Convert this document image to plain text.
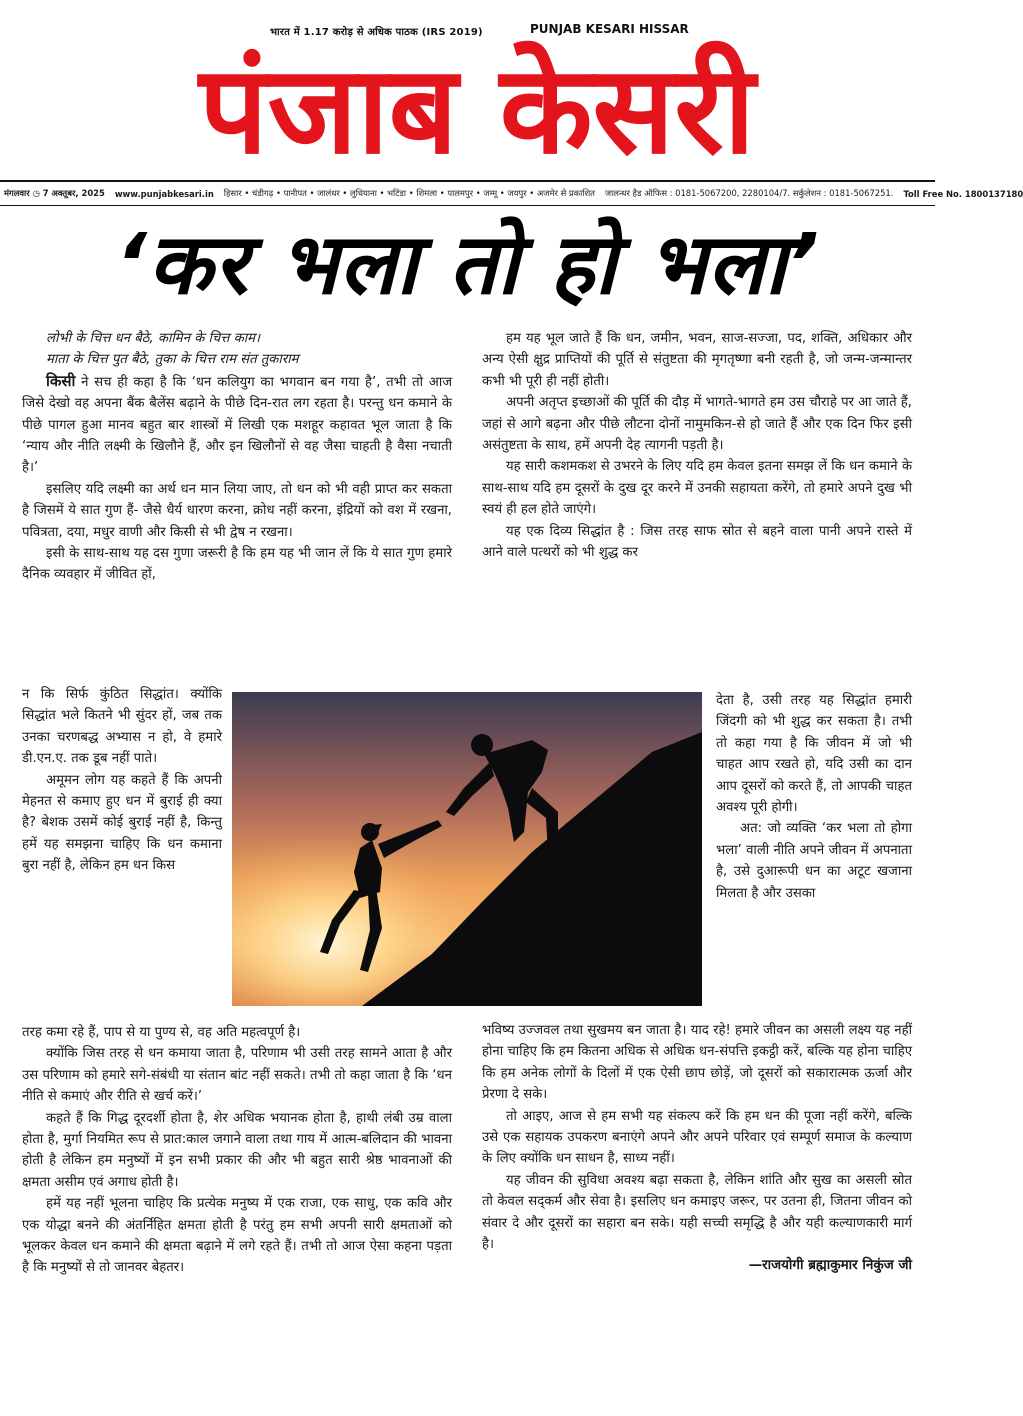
भारत में 1.17 करोड़ से अधिक पाठक (IRS 2019)	PUNJAB KESARI HISSAR
पंजाब केसरी
मंगलवार ◷ 7 अक्तूबर, 2025 www.punjabkesari.in हिसार • चंडीगढ़ • पानीपत • जालंधर • लुधियाना • भटिंडा • शिमला • पालमपुर • जम्मू • जयपुर • अजमेर से प्रकाशित जालन्धर हैड ऑफिस : 0181-5067200, 2280104/7. सर्कुलेशन : 0181-5067251. Toll Free No. 1800137180
‘कर भला तो हो भला’

लोभी के चित्त धन बैठे, कामिन के चित्त काम।

माता के चित्त पुत बैठे, तुका के चित्त राम संत तुकाराम

किसी ने सच ही कहा है कि ‘धन कलियुग का भगवान बन गया है’, तभी तो आज जिसे देखो वह अपना बैंक बैलेंस बढ़ाने के पीछे दिन-रात लग रहता है। परन्तु धन कमाने के पीछे पागल हुआ मानव बहुत बार शास्त्रों में लिखी एक मशहूर कहावत भूल जाता है कि ‘न्याय और नीति लक्ष्मी के खिलौने हैं, और इन खिलौनों से वह जैसा चाहती है वैसा नचाती है।’

इसलिए यदि लक्ष्मी का अर्थ धन मान लिया जाए, तो धन को भी वही प्राप्त कर सकता है जिसमें ये सात गुण हैं- जैसे धैर्य धारण करना, क्रोध नहीं करना, इंद्रियों को वश में रखना, पवित्रता, दया, मधुर वाणी और किसी से भी द्वेष न रखना।

इसी के साथ-साथ यह दस गुणा जरूरी है कि हम यह भी जान लें कि ये सात गुण हमारे दैनिक व्यवहार में जीवित हों,

न कि सिर्फ कुंठित सिद्धांत। क्योंकि सिद्धांत भले कितने भी सुंदर हों, जब तक उनका चरणबद्ध अभ्यास न हो, वे हमारे डी.एन.ए. तक डूब नहीं पाते।

अमूमन लोग यह कहते हैं कि अपनी मेहनत से कमाए हुए धन में बुराई ही क्या है? बेशक उसमें कोई बुराई नहीं है, किन्तु हमें यह समझना चाहिए कि धन कमाना बुरा नहीं है, लेकिन हम धन किस

तरह कमा रहे हैं, पाप से या पुण्य से, वह अति महत्वपूर्ण है।

क्योंकि जिस तरह से धन कमाया जाता है, परिणाम भी उसी तरह सामने आता है और उस परिणाम को हमारे सगे-संबंधी या संतान बांट नहीं सकते। तभी तो कहा जाता है कि ‘धन नीति से कमाएं और रीति से खर्च करें।’

कहते हैं कि गिद्ध दूरदर्शी होता है, शेर अधिक भयानक होता है, हाथी लंबी उम्र वाला होता है, मुर्गा नियमित रूप से प्रात:काल जगाने वाला तथा गाय में आत्म-बलिदान की भावना होती है लेकिन हम मनुष्यों में इन सभी प्रकार की और भी बहुत सारी श्रेष्ठ भावनाओं की क्षमता असीम एवं अगाध होती है।

हमें यह नहीं भूलना चाहिए कि प्रत्येक मनुष्य में एक राजा, एक साधु, एक कवि और एक योद्धा बनने की अंतर्निहित क्षमता होती है परंतु हम सभी अपनी सारी क्षमताओं को भूलकर केवल धन कमाने की क्षमता बढ़ाने में लगे रहते हैं। तभी तो आज ऐसा कहना पड़ता है कि मनुष्यों से तो जानवर बेहतर।

हम यह भूल जाते हैं कि धन, जमीन, भवन, साज-सज्जा, पद, शक्ति, अधिकार और अन्य ऐसी क्षुद्र प्राप्तियों की पूर्ति से संतुष्टता की मृगतृष्णा बनी रहती है, जो जन्म-जन्मान्तर कभी भी पूरी ही नहीं होती।

अपनी अतृप्त इच्छाओं की पूर्ति की दौड़ में भागते-भागते हम उस चौराहे पर आ जाते हैं, जहां से आगे बढ़ना और पीछे लौटना दोनों नामुमकिन-से हो जाते हैं और एक दिन फिर इसी असंतुष्टता के साथ, हमें अपनी देह त्यागनी पड़ती है।

यह सारी कशमकश से उभरने के लिए यदि हम केवल इतना समझ लें कि धन कमाने के साथ-साथ यदि हम दूसरों के दुख दूर करने में उनकी सहायता करेंगे, तो हमारे अपने दुख भी स्वयं ही हल होते जाएंगे।

यह एक दिव्य सिद्धांत है : जिस तरह साफ स्रोत से बहने वाला पानी अपने रास्ते में आने वाले पत्थरों को भी शुद्ध कर

देता है, उसी तरह यह सिद्धांत हमारी जिंदगी को भी शुद्ध कर सकता है। तभी तो कहा गया है कि जीवन में जो भी चाहत आप रखते हो, यदि उसी का दान आप दूसरों को करते हैं, तो आपकी चाहत अवश्य पूरी होगी।

अत: जो व्यक्ति ‘कर भला तो होगा भला’ वाली नीति अपने जीवन में अपनाता है, उसे दुआरूपी धन का अटूट खजाना मिलता है और उसका

भविष्य उज्जवल तथा सुखमय बन जाता है। याद रहे! हमारे जीवन का असली लक्ष्य यह नहीं होना चाहिए कि हम कितना अधिक से अधिक धन-संपत्ति इकट्ठी करें, बल्कि यह होना चाहिए कि हम अनेक लोगों के दिलों में एक ऐसी छाप छोड़ें, जो दूसरों को सकारात्मक ऊर्जा और प्रेरणा दे सके।

तो आइए, आज से हम सभी यह संकल्प करें कि हम धन की पूजा नहीं करेंगे, बल्कि उसे एक सहायक उपकरण बनाएंगे अपने और अपने परिवार एवं सम्पूर्ण समाज के कल्याण के लिए क्योंकि धन साधन है, साध्य नहीं।

यह जीवन की सुविधा अवश्य बढ़ा सकता है, लेकिन शांति और सुख का असली स्रोत तो केवल सद्कर्म और सेवा है। इसलिए धन कमाइए जरूर, पर उतना ही, जितना जीवन को संवार दे और दूसरों का सहारा बन सके। यही सच्ची समृद्धि है और यही कल्याणकारी मार्ग है।

—राजयोगी ब्रह्माकुमार निकुंज जी
